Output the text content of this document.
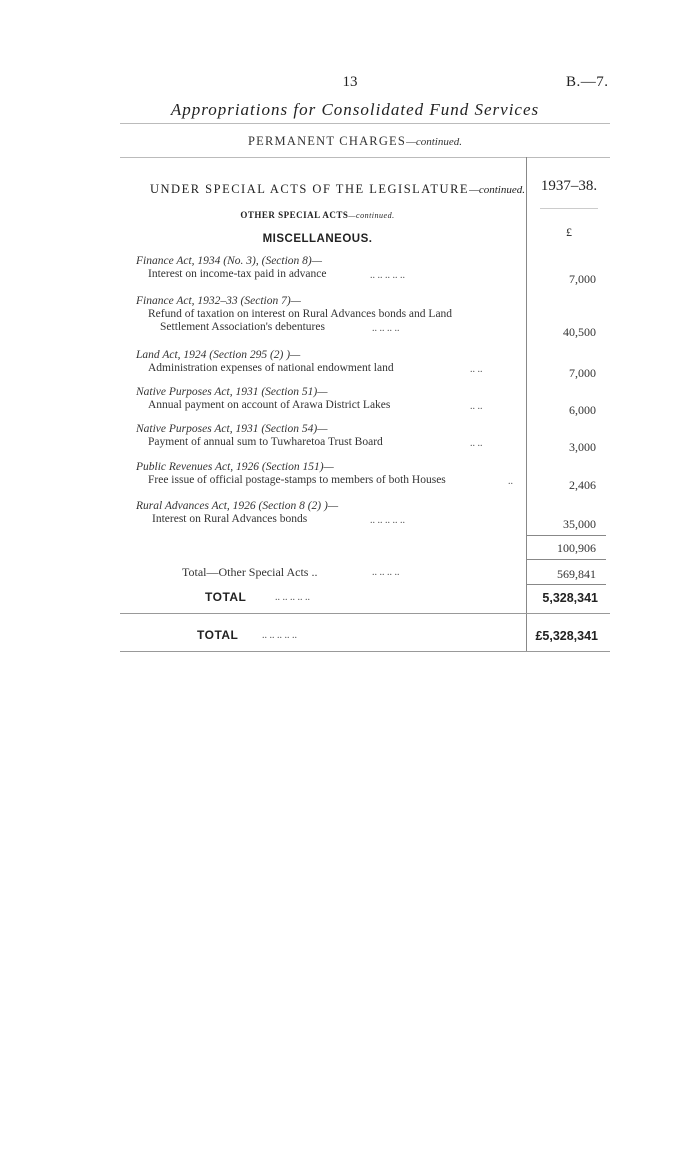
13	B.—7.
Appropriations for Consolidated Fund Services
PERMANENT CHARGES—continued.
UNDER SPECIAL ACTS OF THE LEGISLATURE—continued.	1937–38.
OTHER SPECIAL ACTS—continued.
£
MISCELLANEOUS.
Finance Act, 1934 (No. 3), (Section 8)—
Interest on income-tax paid in advance	.. .. .. .. ..	7,000
Finance Act, 1932–33 (Section 7)—
Refund of taxation on interest on Rural Advances bonds and Land
Settlement Association's debentures	.. .. .. ..	40,500
Land Act, 1924 (Section 295 (2) )—
Administration expenses of national endowment land	.. ..	7,000
Native Purposes Act, 1931 (Section 51)—
Annual payment on account of Arawa District Lakes	.. ..	6,000
Native Purposes Act, 1931 (Section 54)—
Payment of annual sum to Tuwharetoa Trust Board	.. ..	3,000
Public Revenues Act, 1926 (Section 151)—
Free issue of official postage-stamps to members of both Houses	..	2,406
Rural Advances Act, 1926 (Section 8 (2) )—
Interest on Rural Advances bonds	.. .. .. .. ..	35,000
100,906
Total—Other Special Acts ..	.. .. .. ..	569,841
TOTAL	.. .. .. .. ..	5,328,341
TOTAL .. .. .. .. ..	£5,328,341
